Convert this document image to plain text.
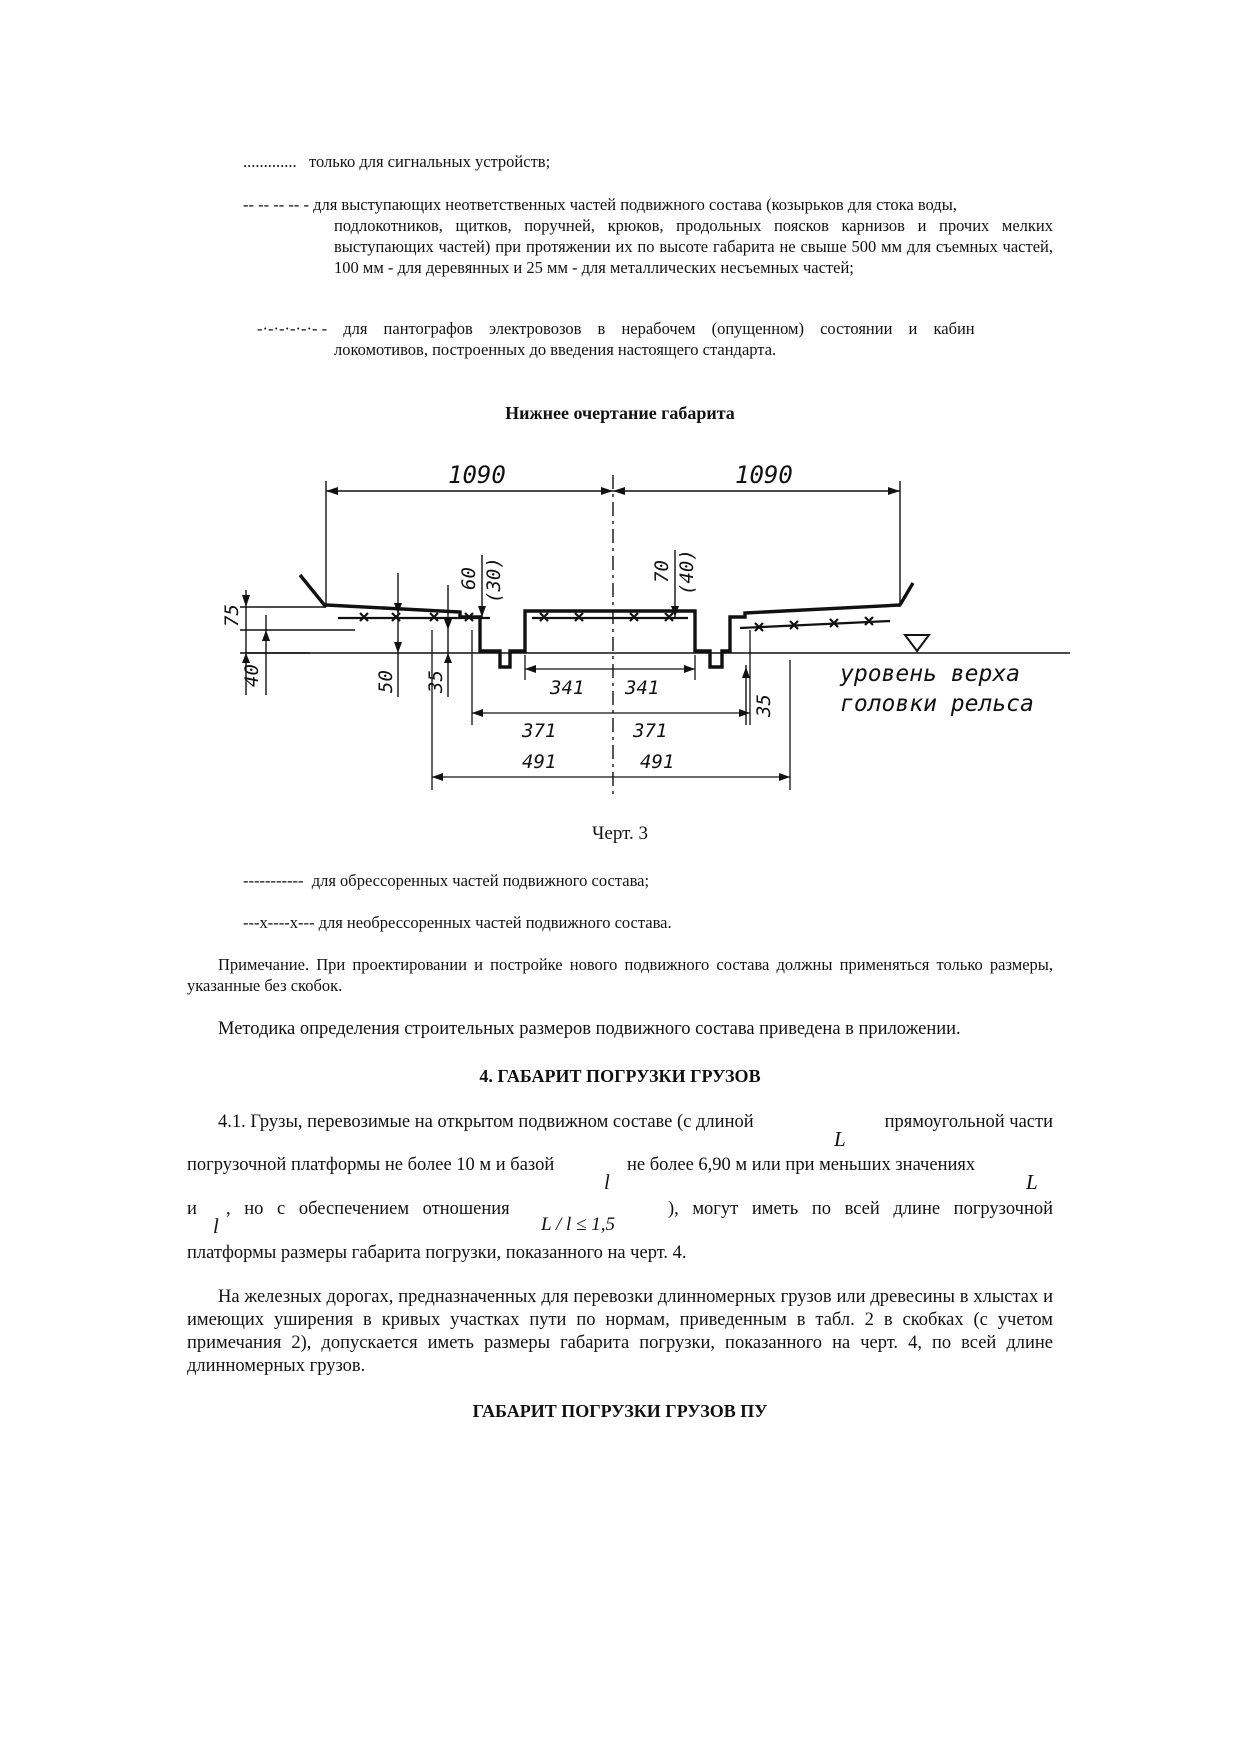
............. только для сигнальных устройств;
-- -- -- -- - для выступающих неответственных частей подвижного состава (козырьков для стока воды,
подлокотников, щитков, поручней, крюков, продольных поясков карнизов и прочих мелких выступающих частей) при протяжении их по высоте габарита не свыше 500 мм для съемных частей, 100 мм - для деревянных и 25 мм - для металлических несъемных частей;
-·-·-·-·-·- - для пантографов электровозов в нерабочем (опущенном) состоянии и кабин
локомотивов, построенных до введения настоящего стандарта.
Нижнее очертание габарита
1090	1090
75
40	50 35
60 (30)	70 (40)
35
341 341
371	371
491	491
уровень верха
головки рельса
Черт. 3
----------- для обрессоренных частей подвижного состава;
---х----х--- для необрессоренных частей подвижного состава.
Примечание. При проектировании и постройке нового подвижного состава должны применяться только размеры, указанные без скобок.
Методика определения строительных размеров подвижного состава приведена в приложении.
4. ГАБАРИТ ПОГРУЗКИ ГРУЗОВ
4.1. Грузы, перевозимые на открытом подвижном составе (с длиной
L
прямоугольной части
погрузочной платформы не более 10 м и базой
l
не более 6,90 м или при меньших значениях
L
и
l
, но с обеспечением отношения
L / l ≤ 1,5
), могут иметь по всей длине погрузочной
платформы размеры габарита погрузки, показанного на черт. 4.
На железных дорогах, предназначенных для перевозки длинномерных грузов или древесины в хлыстах и имеющих уширения в кривых участках пути по нормам, приведенным в табл. 2 в скобках (с учетом примечания 2), допускается иметь размеры габарита погрузки, показанного на черт. 4, по всей длине длинномерных грузов.
ГАБАРИТ ПОГРУЗКИ ГРУЗОВ ПУ
